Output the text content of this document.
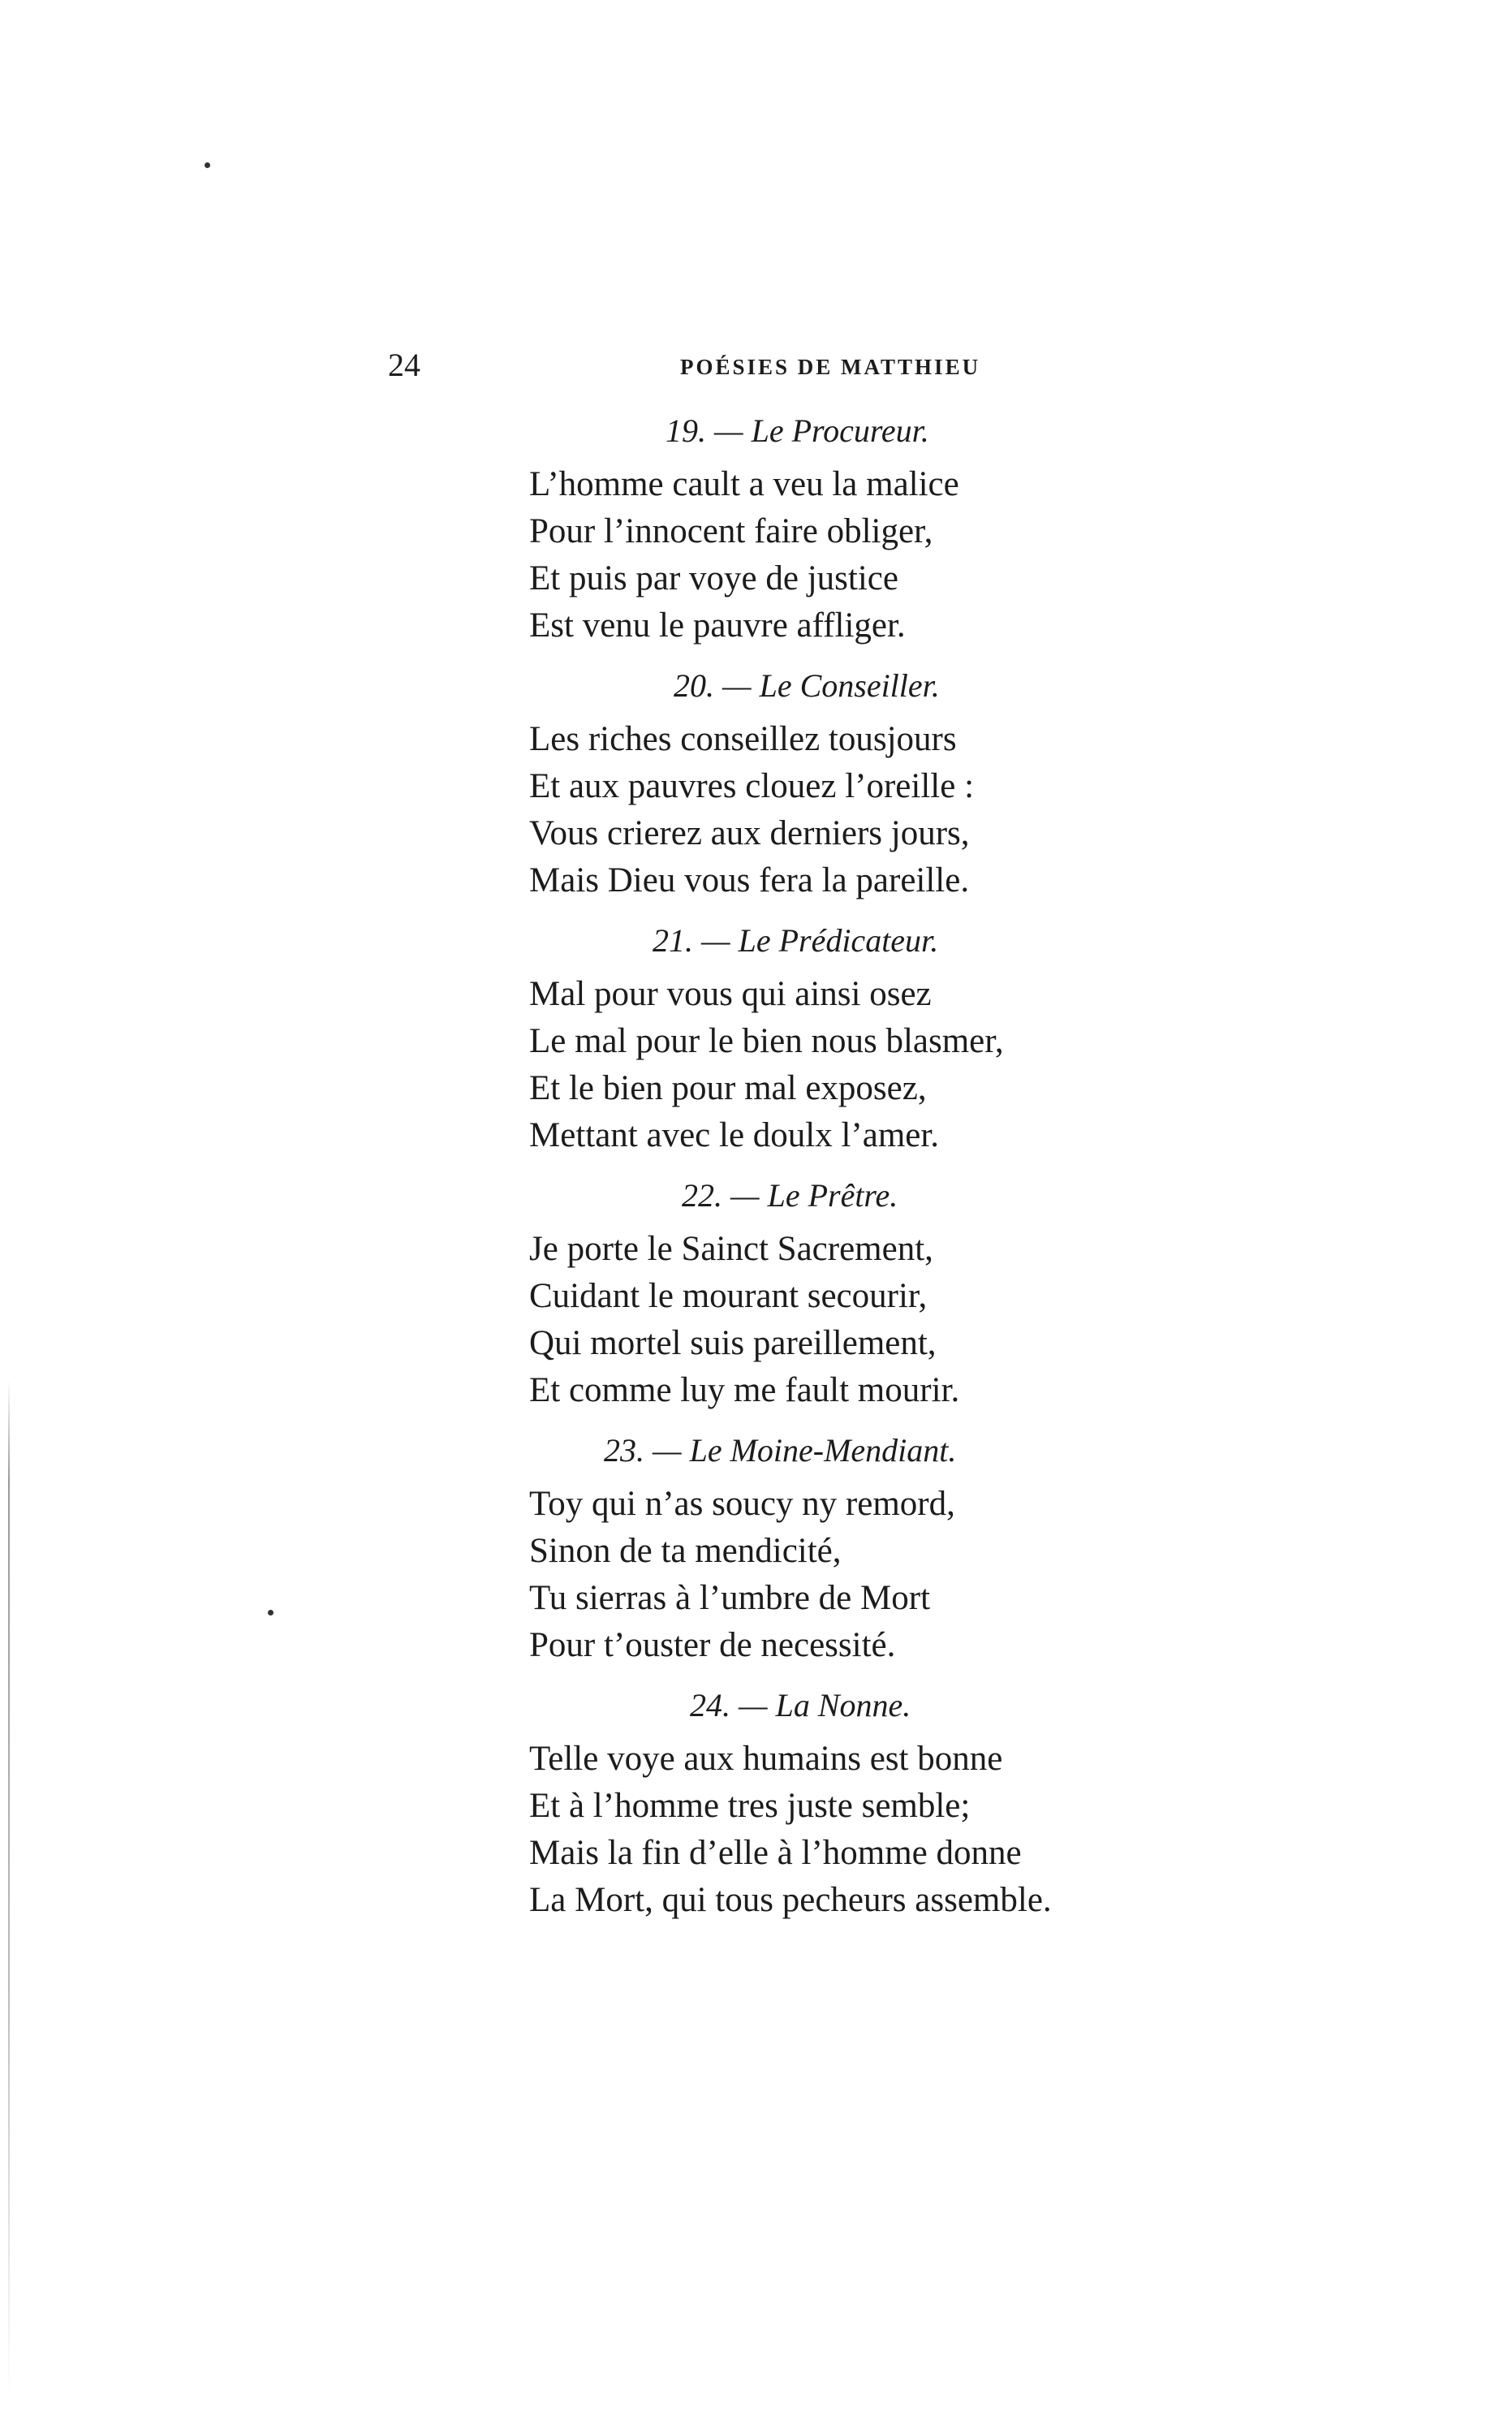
24	POÉSIES DE MATTHIEU
19. — Le Procureur.
L’homme cault a veu la malice
Pour l’innocent faire obliger,
Et puis par voye de justice
Est venu le pauvre affliger.
20. — Le Conseiller.
Les riches conseillez tousjours
Et aux pauvres clouez l’oreille :
Vous crierez aux derniers jours,
Mais Dieu vous fera la pareille.
21. — Le Prédicateur.
Mal pour vous qui ainsi osez
Le mal pour le bien nous blasmer,
Et le bien pour mal exposez,
Mettant avec le doulx l’amer.
22. — Le Prêtre.
Je porte le Sainct Sacrement,
Cuidant le mourant secourir,
Qui mortel suis pareillement,
Et comme luy me fault mourir.
23. — Le Moine-Mendiant.
Toy qui n’as soucy ny remord,
Sinon de ta mendicité,
Tu sierras à l’umbre de Mort
Pour t’ouster de necessité.
24. — La Nonne.
Telle voye aux humains est bonne
Et à l’homme tres juste semble;
Mais la fin d’elle à l’homme donne
La Mort, qui tous pecheurs assemble.
